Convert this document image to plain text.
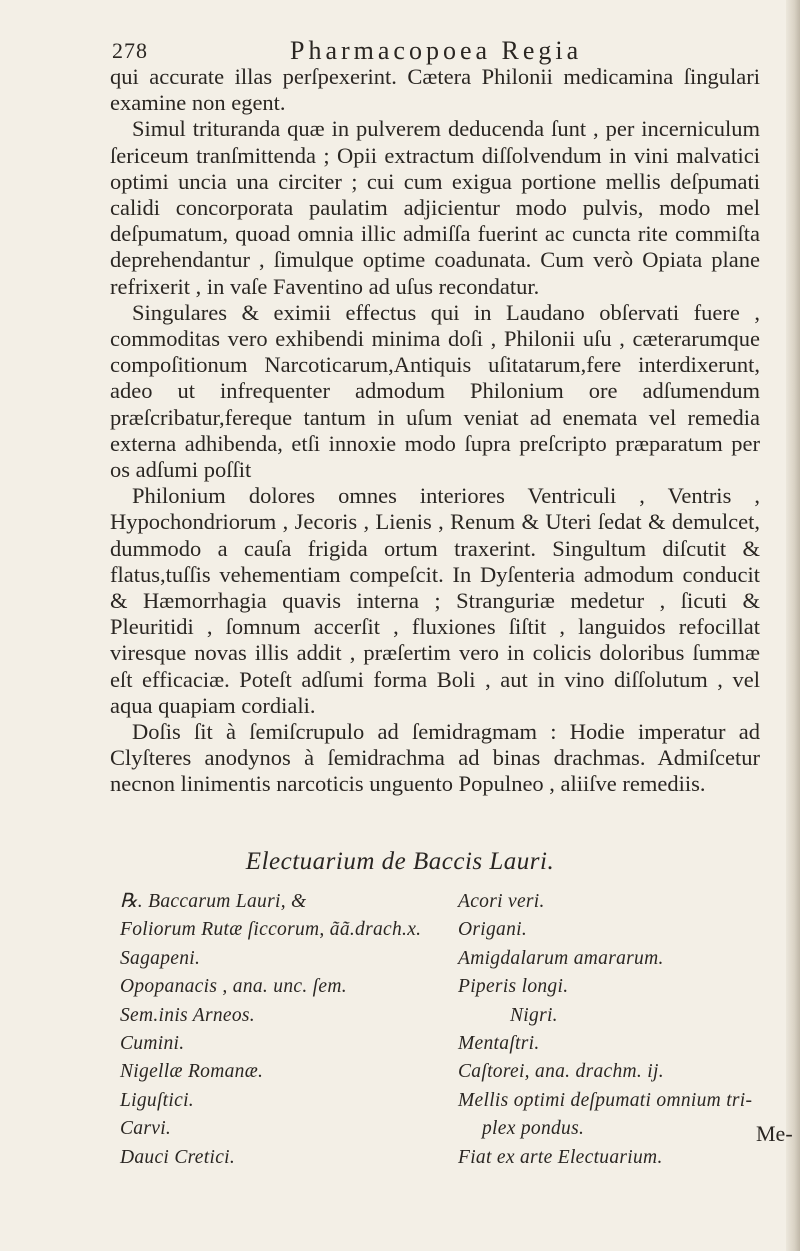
278	Pharmacopoea Regia

qui accurate illas perſpexerint. Cætera Philonii medicamina ſingulari examine non egent.

Simul trituranda quæ in pulverem deducenda ſunt , per incerniculum ſericeum tranſmittenda ; Opii extractum diſſolvendum in vini malvatici optimi uncia una circiter ; cui cum exigua portione mellis deſpumati calidi concorporata paulatim adjicientur modo pulvis, modo mel deſpumatum, quoad omnia illic admiſſa fuerint ac cuncta rite commiſta deprehendantur , ſimulque optime coadunata. Cum verò Opiata plane refrixerit , in vaſe Faventino ad uſus recondatur.

Singulares & eximii effectus qui in Laudano obſervati fuere , commoditas vero exhibendi minima doſi , Philonii uſu , cæterarumque compoſitionum Narcoticarum,Antiquis uſitatarum,fere interdixerunt, adeo ut infrequenter admodum Philonium ore adſumendum præſcribatur,fereque tantum in uſum veniat ad enemata vel remedia externa adhibenda, etſi innoxie modo ſupra preſcripto præparatum per os adſumi poſſit

Philonium dolores omnes interiores Ventriculi , Ventris , Hypochondriorum , Jecoris , Lienis , Renum & Uteri ſedat & demulcet, dummodo a cauſa frigida ortum traxerint. Singultum diſcutit & flatus,tuſſis vehementiam compeſcit. In Dyſenteria admodum conducit & Hæmorrhagia quavis interna ; Stranguriæ medetur , ſicuti & Pleuritidi , ſomnum accerſit , fluxiones ſiſtit , languidos refocillat viresque novas illis addit , præſertim vero in colicis doloribus ſummæ eſt efficaciæ. Poteſt adſumi forma Boli , aut in vino diſſolutum , vel aqua quapiam cordiali.

Doſis ſit à ſemiſcrupulo ad ſemidragmam : Hodie imperatur ad Clyſteres anodynos à ſemidrachma ad binas drachmas. Admiſcetur necnon linimentis narcoticis unguento Populneo , aliiſve remediis.

Electuarium de Baccis Lauri.
℞. Baccarum Lauri, &
Foliorum Rutæ ſiccorum, ãã.drach.x.
Sagapeni.
Opopanacis , ana. unc. ſem.
Sem.inis Arneos.
Cumini.
Nigellæ Romanæ.
Liguſtici.
Carvi.
Dauci Cretici.
Acori veri.
Origani.
Amigdalarum amararum.
Piperis longi.
Nigri.
Mentaſtri.
Caſtorei, ana. drachm. ij.
Mellis optimi deſpumati omnium tri-
plex pondus.
Fiat ex arte Electuarium.
Me-
